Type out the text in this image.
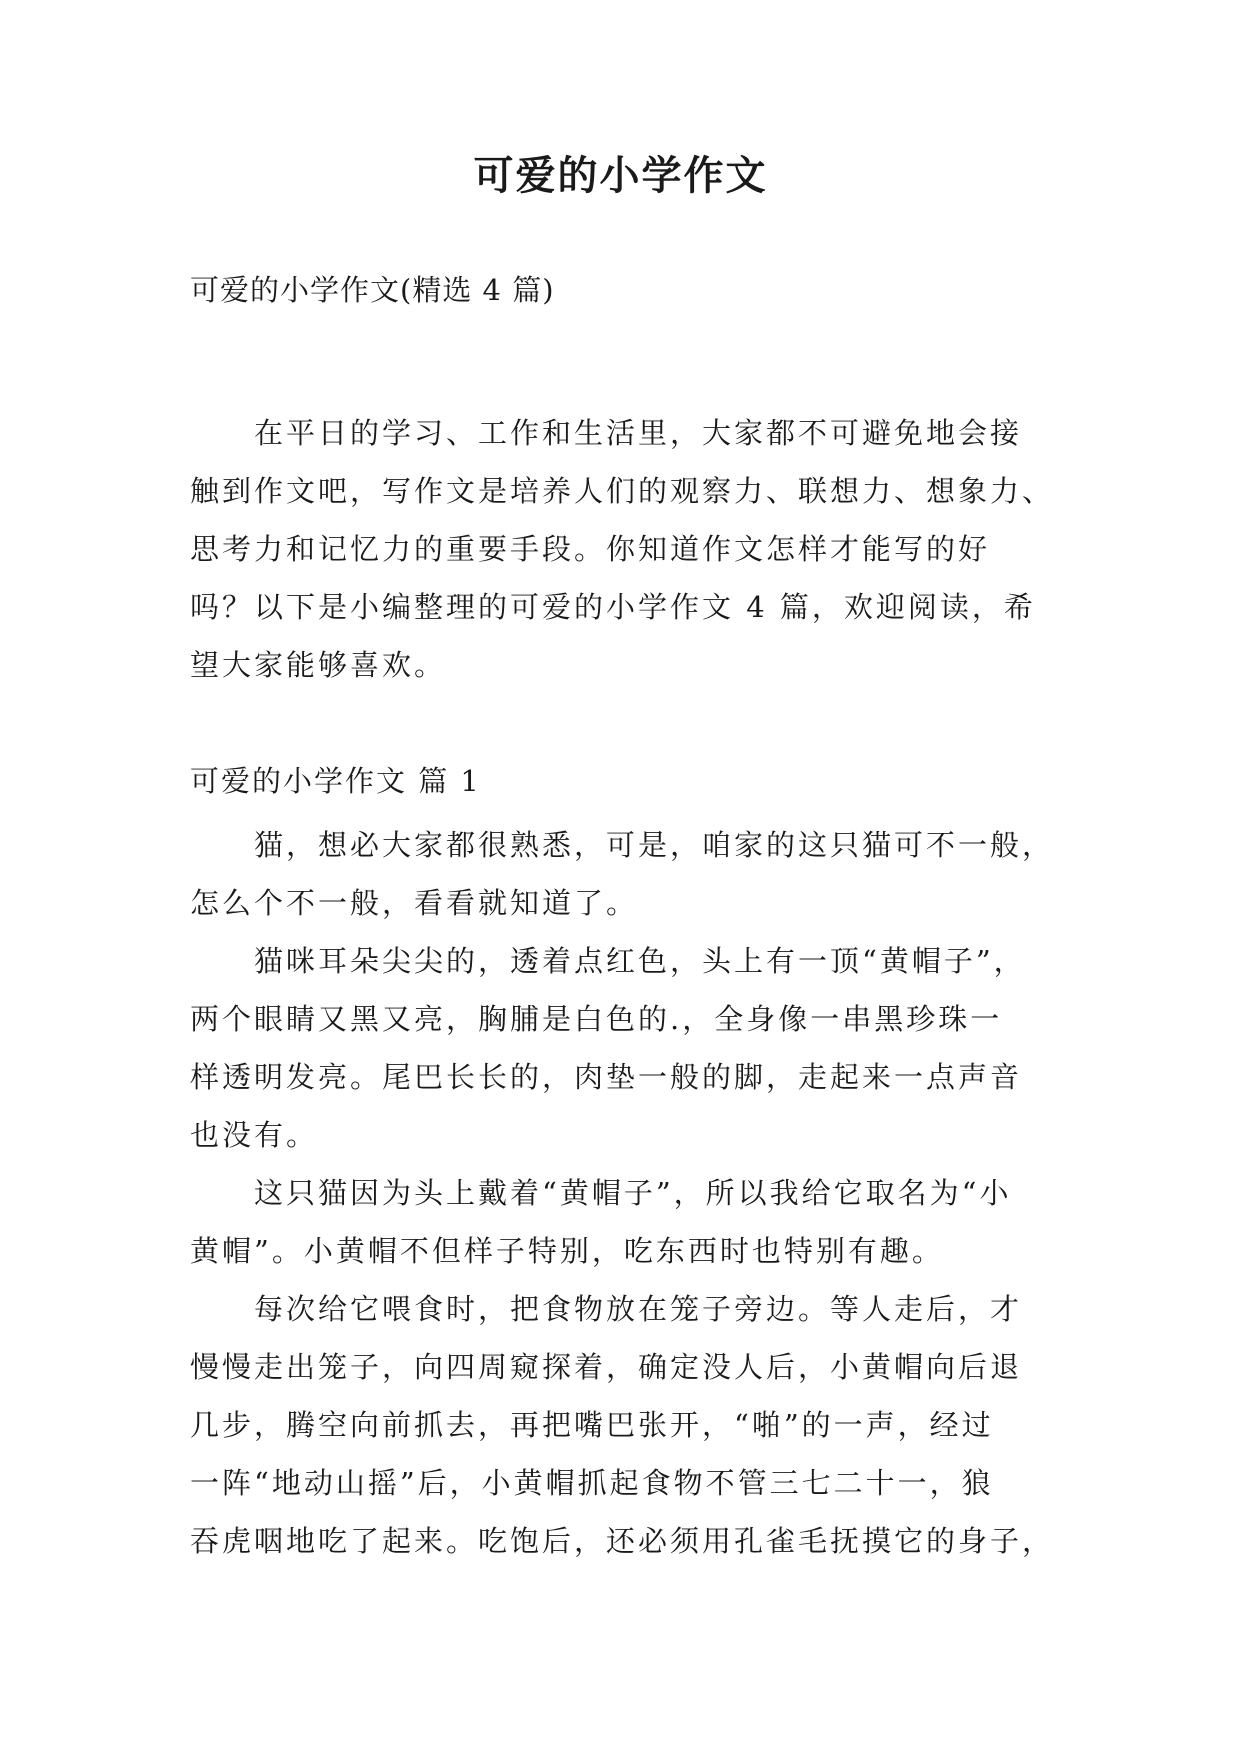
可爱的小学作文

可爱的小学作文(精选 4 篇)

　　在平日的学习、工作和生活里，大家都不可避免地会接

触到作文吧，写作文是培养人们的观察力、联想力、想象力、

思考力和记忆力的重要手段。你知道作文怎样才能写的好

吗？以下是小编整理的可爱的小学作文 4 篇，欢迎阅读，希

望大家能够喜欢。

可爱的小学作文 篇 1

　　猫，想必大家都很熟悉，可是，咱家的这只猫可不一般，

怎么个不一般，看看就知道了。

　　猫咪耳朵尖尖的，透着点红色，头上有一顶“黄帽子”，

两个眼睛又黑又亮，胸脯是白色的.，全身像一串黑珍珠一

样透明发亮。尾巴长长的，肉垫一般的脚，走起来一点声音

也没有。

　　这只猫因为头上戴着“黄帽子”，所以我给它取名为“小

黄帽”。小黄帽不但样子特别，吃东西时也特别有趣。

　　每次给它喂食时，把食物放在笼子旁边。等人走后，才

慢慢走出笼子，向四周窥探着，确定没人后，小黄帽向后退

几步，腾空向前抓去，再把嘴巴张开，“啪”的一声，经过

一阵“地动山摇”后，小黄帽抓起食物不管三七二十一，狼

吞虎咽地吃了起来。吃饱后，还必须用孔雀毛抚摸它的身子，
